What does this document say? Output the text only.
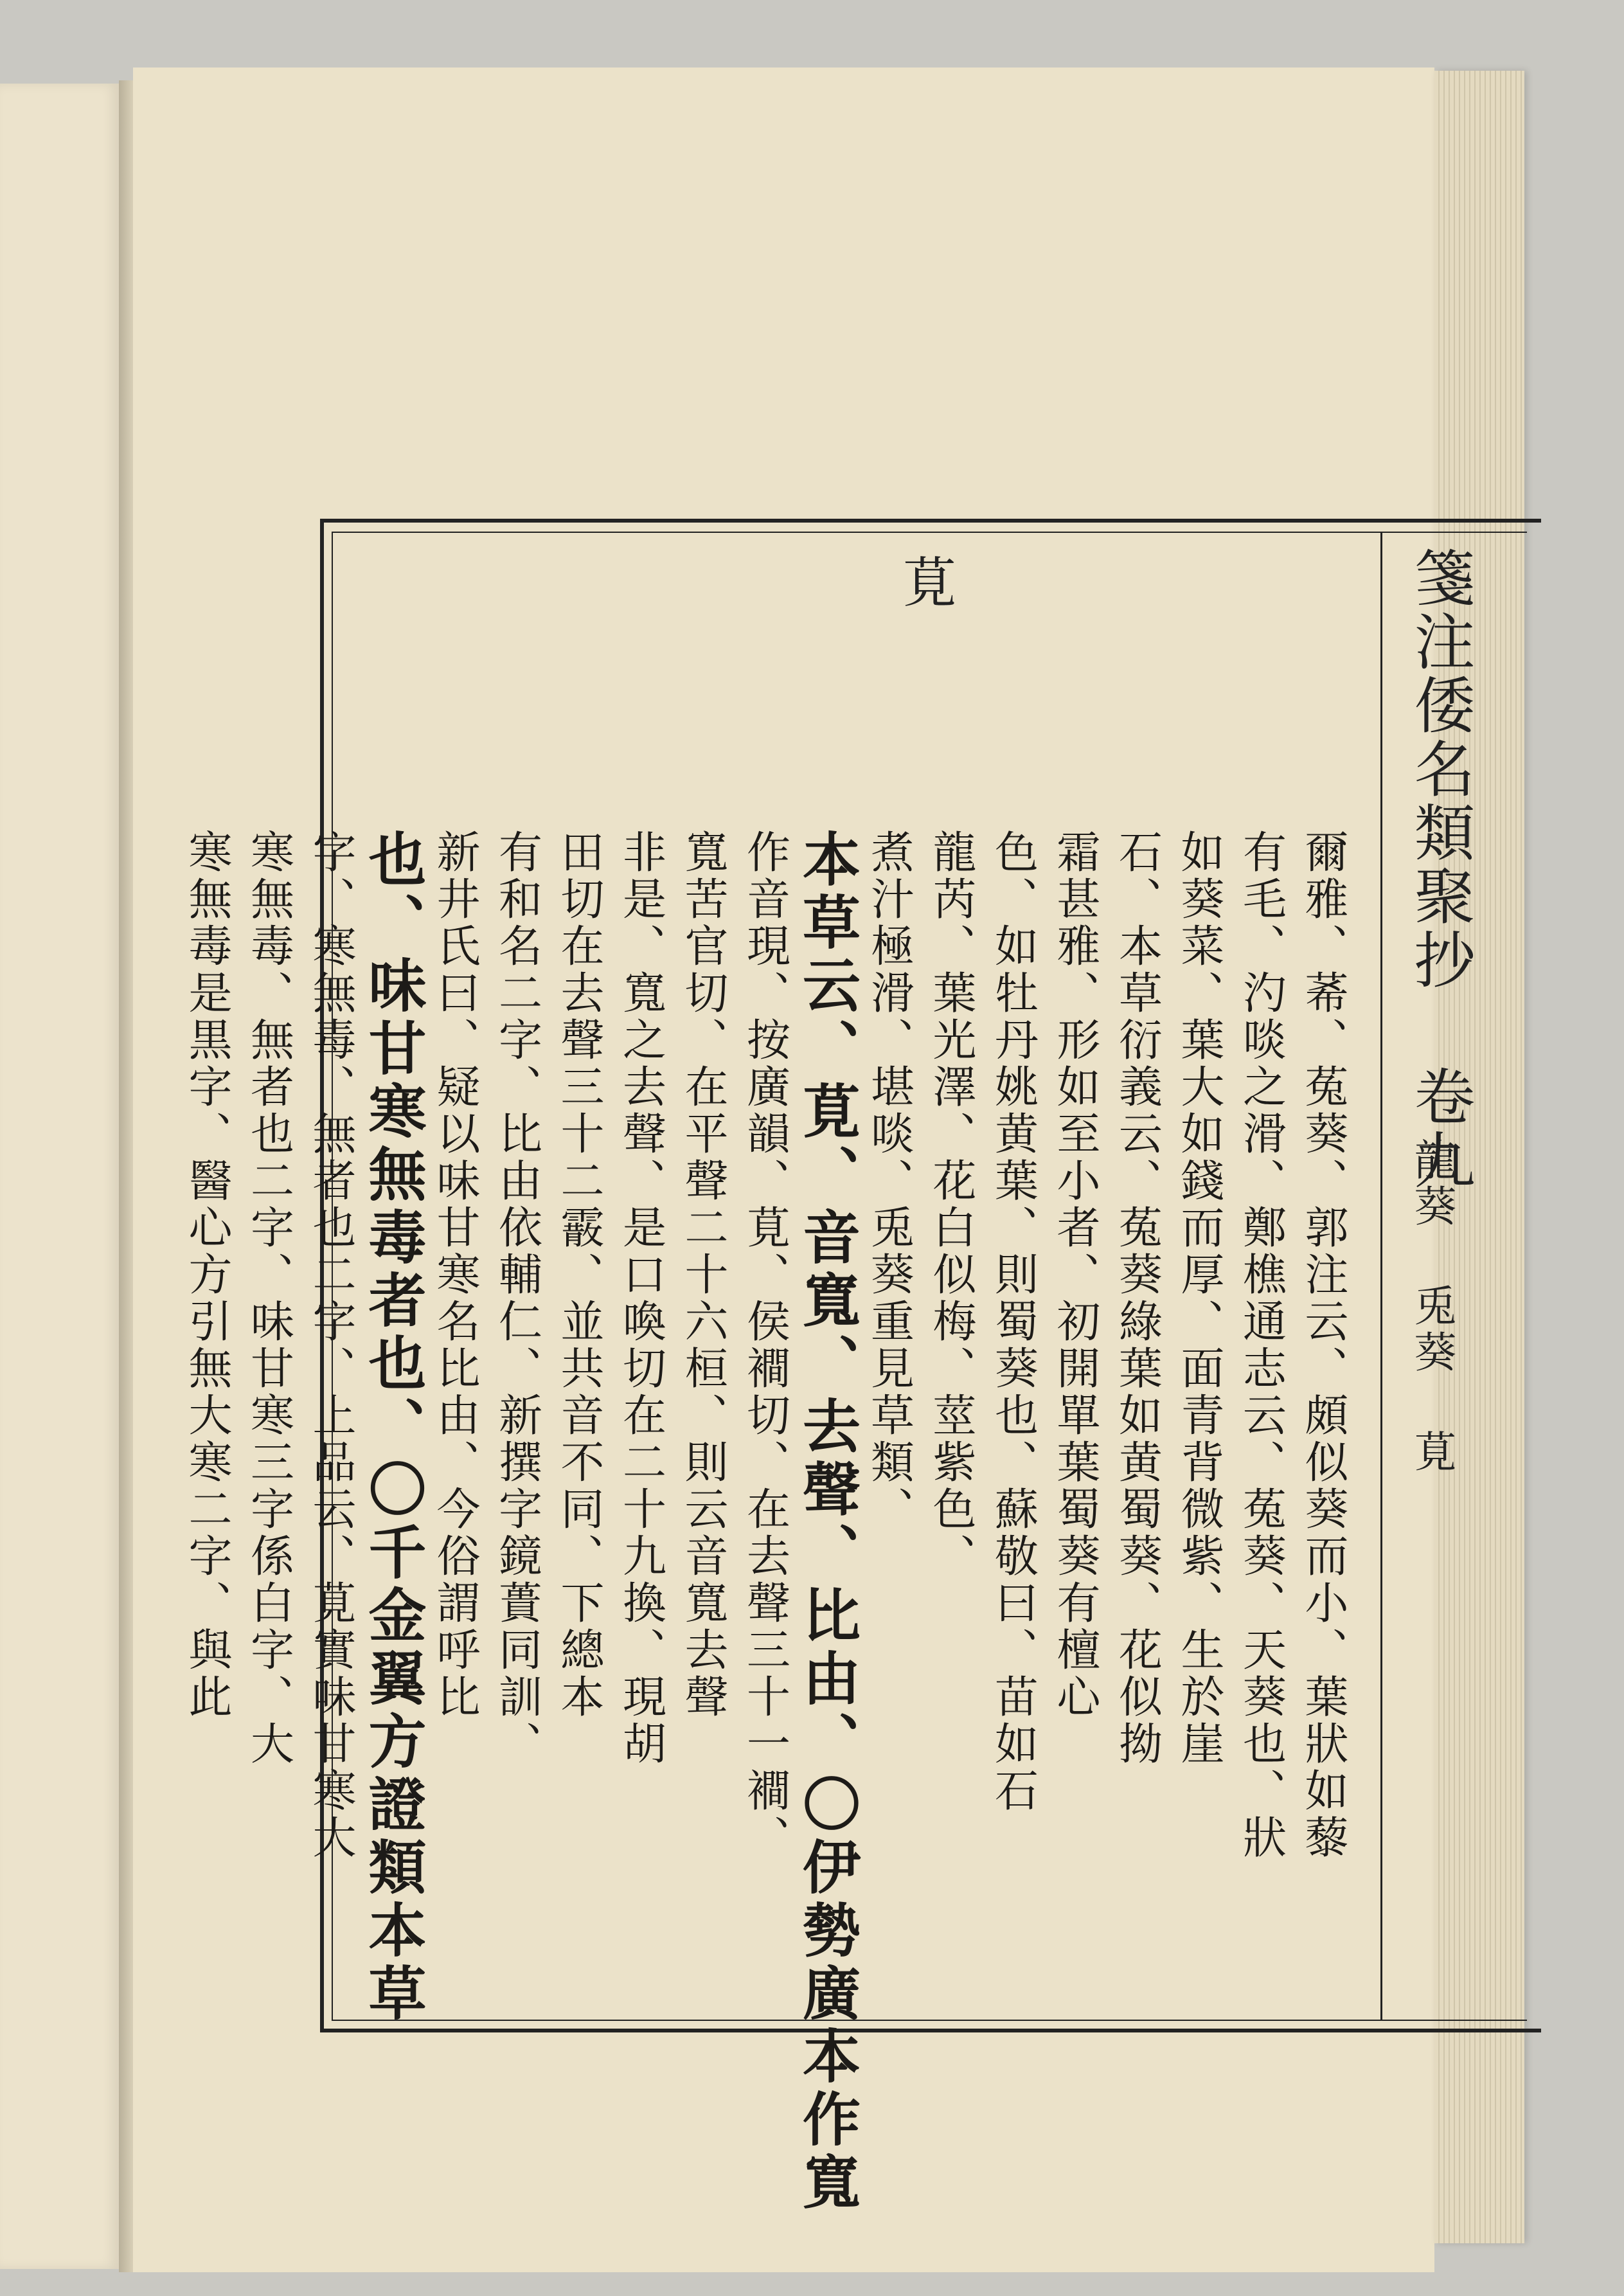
箋注倭名類聚抄 卷九
龍葵 兎葵 莧
莧
爾雅、莃、菟葵、郭注云、頗似葵而小、葉狀如藜
有毛、汋啖之滑、鄭樵通志云、菟葵、天葵也、狀
如葵菜、葉大如錢而厚、面青背微紫、生於崖
石、本草衍義云、菟葵綠葉如黄蜀葵、花似拗
霜甚雅、形如至小者、初開單葉蜀葵有檀心
色、如牡丹姚黄葉、則蜀葵也、蘇敬曰、苗如石
龍芮、葉光澤、花白似梅、莖紫色、
煮汁極滑、堪啖、兎葵重見草類、
本草云、莧、音寬、去聲、比由、〇伊勢廣本作寬
作音現、按廣韻、莧、侯襇切、在去聲三十一襇、
寬苦官切、在平聲二十六桓、則云音寬去聲
非是、寬之去聲、是口喚切在二十九換、現胡
田切在去聲三十二霰、並共音不同、下總本
有和名二字、比由依輔仁、新撰字鏡蕢同訓、
新井氏曰、疑以味甘寒名比由、今俗謂呼比
也、味甘寒無毒者也、〇千金翼方證類本草
字、寒無毒、無者也二字、上品云、莧實味甘寒大
寒無毒、無者也二字、味甘寒三字係白字、大
寒無毒是黒字、醫心方引無大寒二字、與此
